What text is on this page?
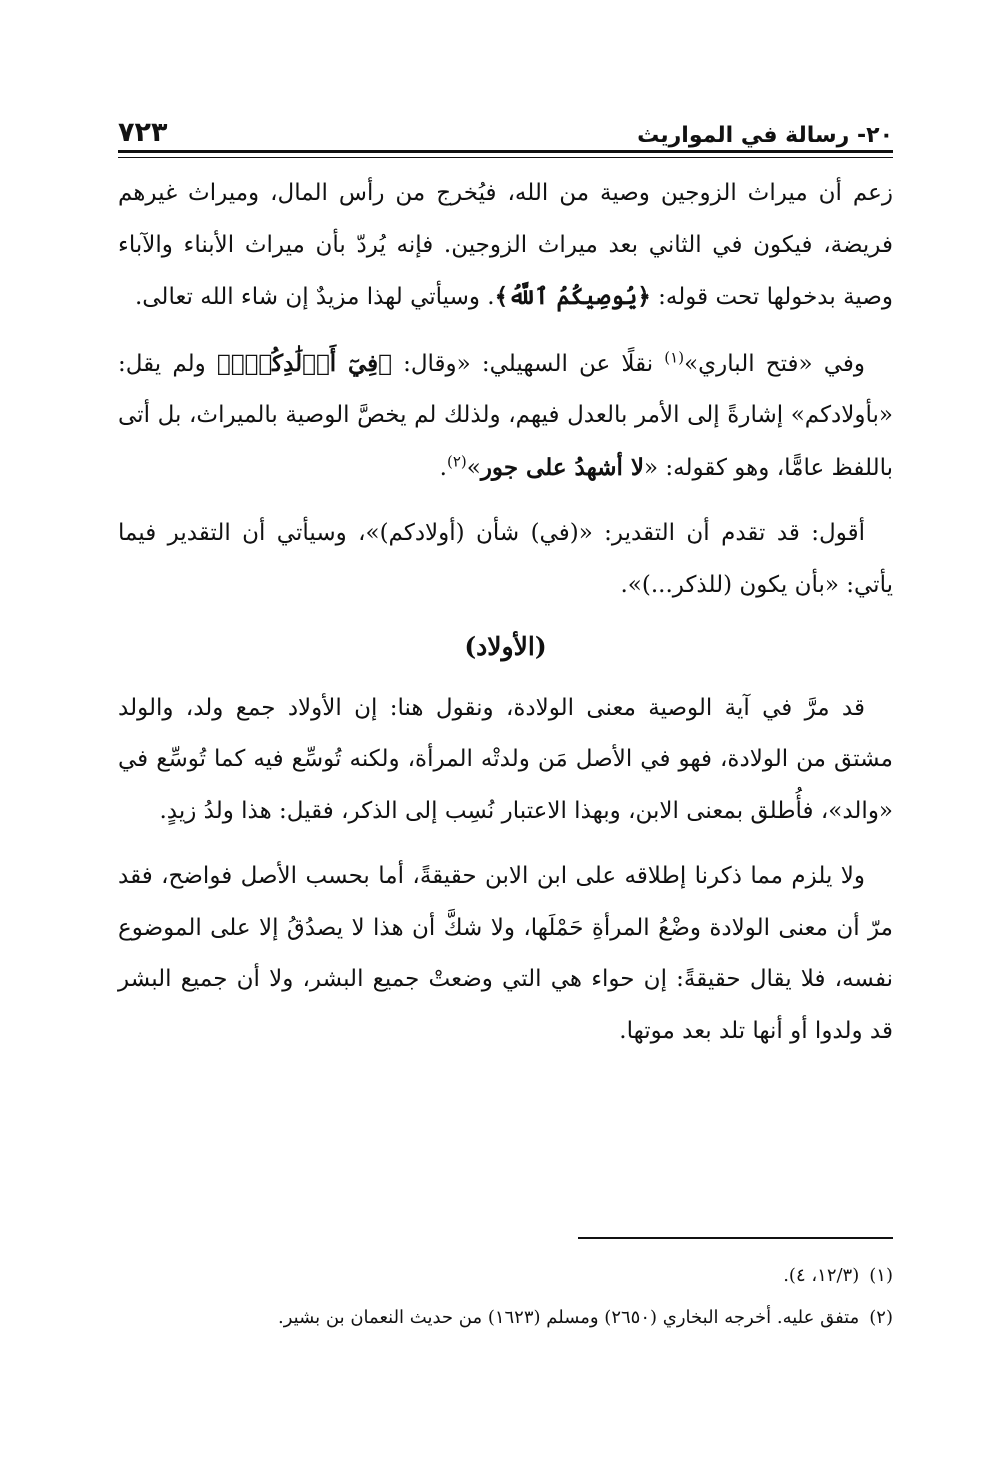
٧٢٣	٢٠- رسالة في المواريث

زعم أن ميراث الزوجين وصية من الله، فيُخرج من رأس المال، وميراث غيرهم فريضة، فيكون في الثاني بعد ميراث الزوجين. فإنه يُردّ بأن ميراث الأبناء والآباء وصية بدخولها تحت قوله: ﴿يُوصِيكُمُ ٱللَّهُ﴾. وسيأتي لهذا مزيدٌ إن شاء الله تعالى.

وفي «فتح الباري»$^{(١)}$ نقلًا عن السهيلي: «وقال: ﴿فِيٓ أَوۡلَٰدِكُمۡۖ﴾ ولم يقل: «بأولادكم» إشارةً إلى الأمر بالعدل فيهم، ولذلك لم يخصَّ الوصية بالميراث، بل أتى باللفظ عامًّا، وهو كقوله: «لا أشهدُ على جور»$^{(٢)}$.

أقول: قد تقدم أن التقدير: «(في) شأن (أولادكم)»، وسيأتي أن التقدير فيما يأتي: «بأن يكون (للذكر...)».

(الأولاد)

قد مرَّ في آية الوصية معنى الولادة، ونقول هنا: إن الأولاد جمع ولد، والولد مشتق من الولادة، فهو في الأصل مَن ولدتْه المرأة، ولكنه تُوسِّع فيه كما تُوسِّع في «والد»، فأُطلق بمعنى الابن، وبهذا الاعتبار نُسِب إلى الذكر، فقيل: هذا ولدُ زيدٍ.

ولا يلزم مما ذكرنا إطلاقه على ابن الابن حقيقةً، أما بحسب الأصل فواضح، فقد مرّ أن معنى الولادة وضْعُ المرأةِ حَمْلَها، ولا شكَّ أن هذا لا يصدُقُ إلا على الموضوع نفسه، فلا يقال حقيقةً: إن حواء هي التي وضعتْ جميع البشر، ولا أن جميع البشر قد ولدوا أو أنها تلد بعد موتها.

(١)(١٢/٣، ٤).

(٢)متفق عليه. أخرجه البخاري (٢٦٥٠) ومسلم (١٦٢٣) من حديث النعمان بن بشير.
